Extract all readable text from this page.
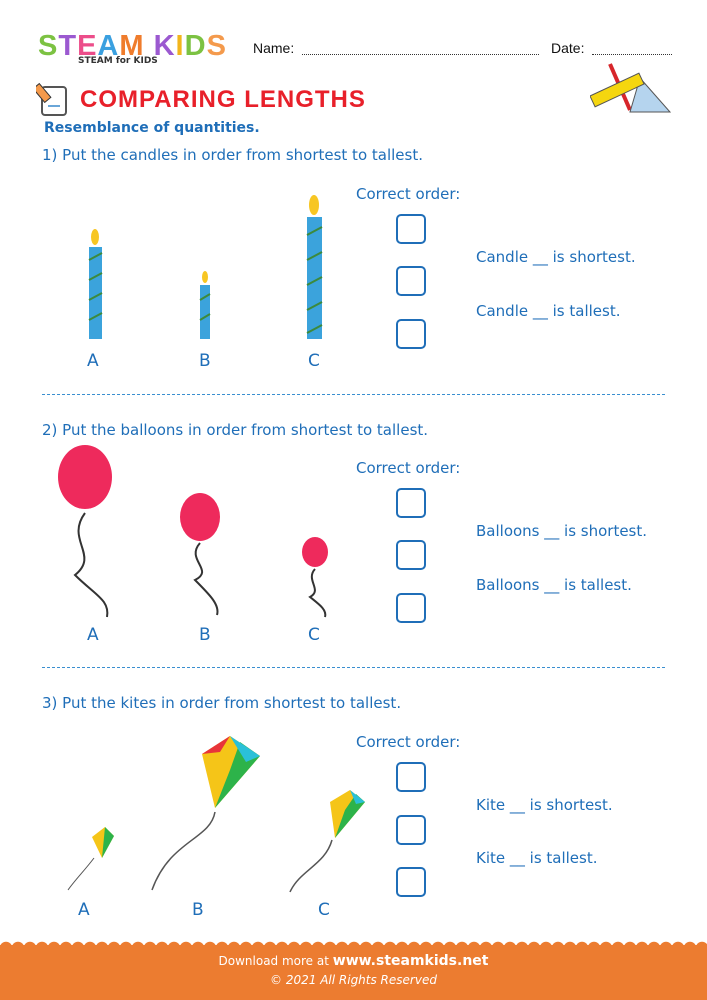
STEAM KIDS
STEAM for KIDS
Name:	Date:
COMPARING LENGTHS
Resemblance of quantities.
1) Put the candles in order from shortest to tallest.
A	B	C
Correct order:
Candle __ is shortest.
Candle __ is tallest.
2) Put the balloons in order from shortest to tallest.
A	B	C
Correct order:
Balloons __ is shortest.
Balloons __ is tallest.
3) Put the kites in order from shortest to tallest.
A	B	C
Correct order:
Kite __ is shortest.
Kite __ is tallest.
Download more at www.steamkids.net
© 2021 All Rights Reserved
